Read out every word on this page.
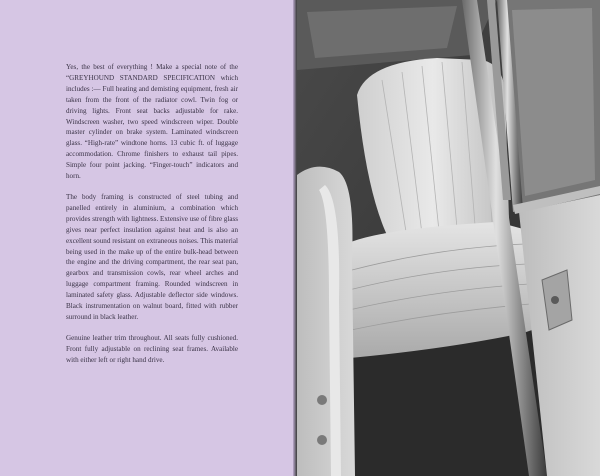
Yes, the best of everything ! Make a special note of the “GREYHOUND STANDARD SPECIFICATION which includes :— Full heating and demisting equipment, fresh air taken from the front of the radiator cowl. Twin fog or driving lights. Front seat backs adjustable for rake. Windscreen washer, two speed windscreen wiper. Double master cylinder on brake system. Laminated windscreen glass. “High-rate” windtone horns. 13 cubic ft. of luggage accommodation. Chrome finishers to exhaust tail pipes. Simple four point jacking. “Finger-touch” indicators and horn.

The body framing is constructed of steel tubing and panelled entirely in aluminium, a combination which provides strength with lightness. Extensive use of fibre glass gives near perfect insulation against heat and is also an excellent sound resistant on extraneous noises. This material being used in the make up of the entire bulk-head between the engine and the driving compartment, the rear seat pan, gearbox and transmission cowls, rear wheel arches and luggage compartment framing. Rounded windscreen in laminated safety glass. Adjustable deflector side windows. Black instrumentation on walnut board, fitted with rubber surround in black leather.

Genuine leather trim throughout. All seats fully cushioned. Front fully adjustable on reclining seat frames. Available with either left or right hand drive.
